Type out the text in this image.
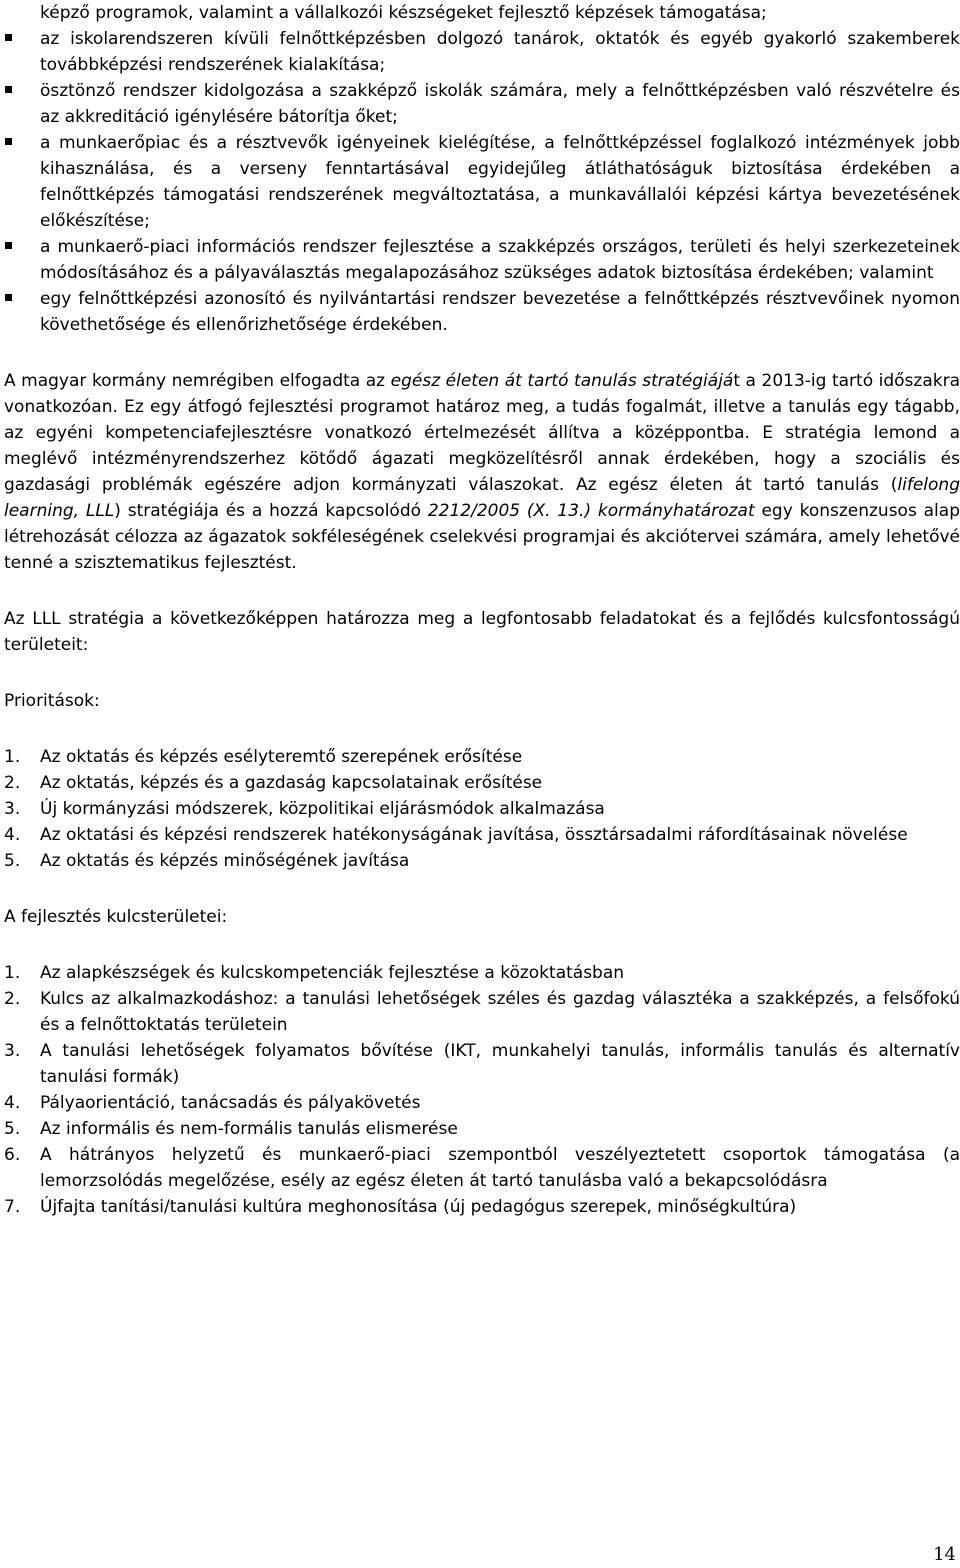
képző programok, valamint a vállalkozói készségeket fejlesztő képzések támogatása;

az iskolarendszeren kívüli felnőttképzésben dolgozó tanárok, oktatók és egyéb gyakorló szakemberek továbbképzési rendszerének kialakítása;
ösztönző rendszer kidolgozása a szakképző iskolák számára, mely a felnőttképzésben való részvételre és az akkreditáció igénylésére bátorítja őket;
a munkaerőpiac és a résztvevők igényeinek kielégítése, a felnőttképzéssel foglalkozó intézmények jobb kihasználása, és a verseny fenntartásával egyidejűleg átláthatóságuk biztosítása érdekében a felnőttképzés támogatási rendszerének megváltoztatása, a munkavállalói képzési kártya bevezetésének előkészítése;
a munkaerő-piaci információs rendszer fejlesztése a szakképzés országos, területi és helyi szerkezeteinek módosításához és a pályaválasztás megalapozásához szükséges adatok biztosítása érdekében; valamint
egy felnőttképzési azonosító és nyilvántartási rendszer bevezetése a felnőttképzés résztvevőinek nyomon követhetősége és ellenőrizhetősége érdekében.

A magyar kormány nemrégiben elfogadta az egész életen át tartó tanulás stratégiáját a 2013-ig tartó időszakra vonatkozóan. Ez egy átfogó fejlesztési programot határoz meg, a tudás fogalmát, illetve a tanulás egy tágabb, az egyéni kompetenciafejlesztésre vonatkozó értelmezését állítva a középpontba. E stratégia lemond a meglévő intézményrendszerhez kötődő ágazati megközelítésről annak érdekében, hogy a szociális és gazdasági problémák egészére adjon kormányzati válaszokat. Az egész életen át tartó tanulás (lifelong learning, LLL) stratégiája és a hozzá kapcsolódó 2212/2005 (X. 13.) kormányhatározat egy konszenzusos alap létrehozását célozza az ágazatok sokféleségének cselekvési programjai és akciótervei számára, amely lehetővé tenné a szisztematikus fejlesztést.

Az LLL stratégia a következőképpen határozza meg a legfontosabb feladatokat és a fejlődés kulcsfontosságú területeit:

Prioritások:

1. Az oktatás és képzés esélyteremtő szerepének erősítése
2. Az oktatás, képzés és a gazdaság kapcsolatainak erősítése
3. Új kormányzási módszerek, közpolitikai eljárásmódok alkalmazása
4. Az oktatási és képzési rendszerek hatékonyságának javítása, össztársadalmi ráfordításainak növelése
5. Az oktatás és képzés minőségének javítása

A fejlesztés kulcsterületei:

1. Az alapkészségek és kulcskompetenciák fejlesztése a közoktatásban
2. Kulcs az alkalmazkodáshoz: a tanulási lehetőségek széles és gazdag választéka a szakképzés, a felsőfokú és a felnőttoktatás területein
3. A tanulási lehetőségek folyamatos bővítése (IKT, munkahelyi tanulás, informális tanulás és alternatív tanulási formák)
4. Pályaorientáció, tanácsadás és pályakövetés
5. Az informális és nem-formális tanulás elismerése
6. A hátrányos helyzetű és munkaerő-piaci szempontból veszélyeztetett csoportok támogatása (a lemorzsolódás megelőzése, esély az egész életen át tartó tanulásba való a bekapcsolódásra
7. Újfajta tanítási/tanulási kultúra meghonosítása (új pedagógus szerepek, minőségkultúra)
14
